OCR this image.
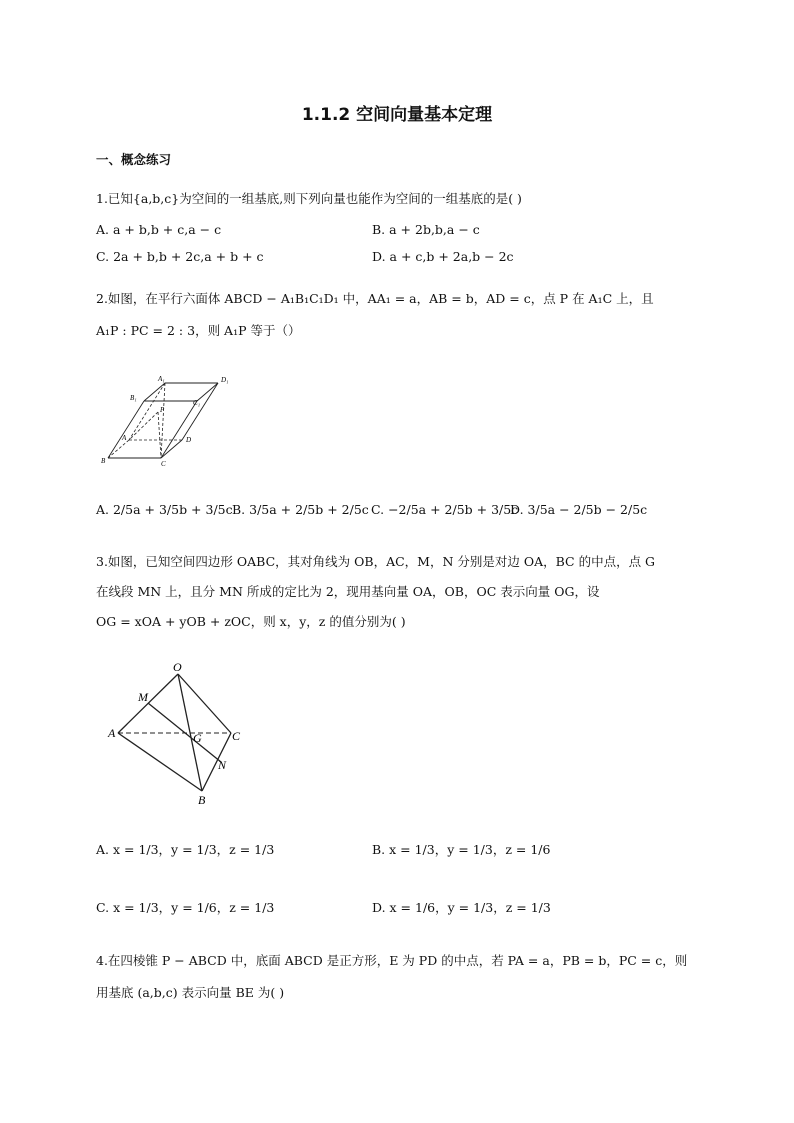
1.1.2 空间向量基本定理
一、概念练习
1.已知{a,b,c}为空间的一组基底,则下列向量也能作为空间的一组基底的是( )
A. a + b,b + c,a − c	B. a + 2b,b,a − c
C. 2a + b,b + 2c,a + b + c	D. a + c,b + 2a,b − 2c
2.如图，在平行六面体 ABCD − A₁B₁C₁D₁ 中，AA₁ = a，AB = b，AD = c，点 P 在 A₁C 上，且
A₁P : PC = 2 : 3，则 A₁P 等于（）
A₁	D₁
B₁
C₁
P
A	D
B	C
A. 2/5a + 3/5b + 3/5c B. 3/5a + 2/5b + 2/5c C. −2/5a + 2/5b + 3/5c
D. 3/5a − 2/5b − 2/5c
3.如图，已知空间四边形 OABC，其对角线为 OB，AC，M，N 分别是对边 OA，BC 的中点，点 G
在线段 MN 上，且分 MN 所成的定比为 2，现用基向量 OA，OB，OC 表示向量 OG，设
OG = xOA + yOB + zOC，则 x，y，z 的值分别为( )
O
M
A	G	C
N
B
A. x = 1/3，y = 1/3，z = 1/3	B. x = 1/3，y = 1/3，z = 1/6
C. x = 1/3，y = 1/6，z = 1/3	D. x = 1/6，y = 1/3，z = 1/3
4.在四棱锥 P − ABCD 中，底面 ABCD 是正方形，E 为 PD 的中点，若 PA = a，PB = b，PC = c，则
用基底 (a,b,c) 表示向量 BE 为( )
